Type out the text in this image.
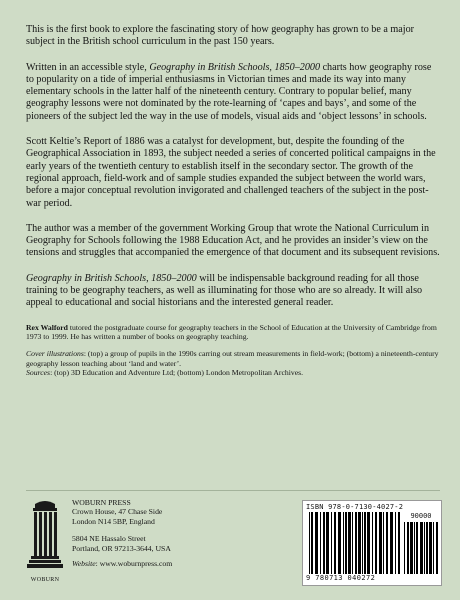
This is the first book to explore the fascinating story of how geography has grown to be a major subject in the British school curriculum in the past 150 years.

Written in an accessible style, Geography in British Schools, 1850–2000 charts how geography rose to popularity on a tide of imperial enthusiasms in Victorian times and made its way into many elementary schools in the latter half of the nineteenth century. Contrary to popular belief, many geography lessons were not dominated by the rote-learning of ‘capes and bays’, and some of the pioneers of the subject led the way in the use of models, visual aids and ‘object lessons’ in schools.

Scott Keltie’s Report of 1886 was a catalyst for development, but, despite the founding of the Geographical Association in 1893, the subject needed a series of concerted political campaigns in the early years of the twentieth century to establish itself in the secondary sector. The growth of the regional approach, field-work and of sample studies expanded the subject between the world wars, before a major conceptual revolution invigorated and challenged teachers of the subject in the post-war period.

The author was a member of the government Working Group that wrote the National Curriculum in Geography for Schools following the 1988 Education Act, and he provides an insider’s view on the tensions and struggles that accompanied the emergence of that document and its subsequent revisions.

Geography in British Schools, 1850–2000 will be indispensable background reading for all those training to be geography teachers, as well as illuminating for those who are so already. It will also appeal to educational and social historians and the interested general reader.

Rex Walford tutored the postgraduate course for geography teachers in the School of Education at the University of Cambridge from 1973 to 1999. He has written a number of books on geography teaching.

Cover illustrations: (top) a group of pupils in the 1990s carring out stream measurements in field-work; (bottom) a nineteenth-century geography lesson teaching about ‘land and water’.
Sources: (top) 3D Education and Adventure Ltd; (bottom) London Metropolitan Archives.

WOBURN
WOBURN PRESS
Crown House, 47 Chase Side
London N14 5BP, England
5804 NE Hassalo Street
Portland, OR 97213-3644, USA
Website: www.woburnpress.com
ISBN 978-0-7130-4027-2
90000
9 780713 040272
